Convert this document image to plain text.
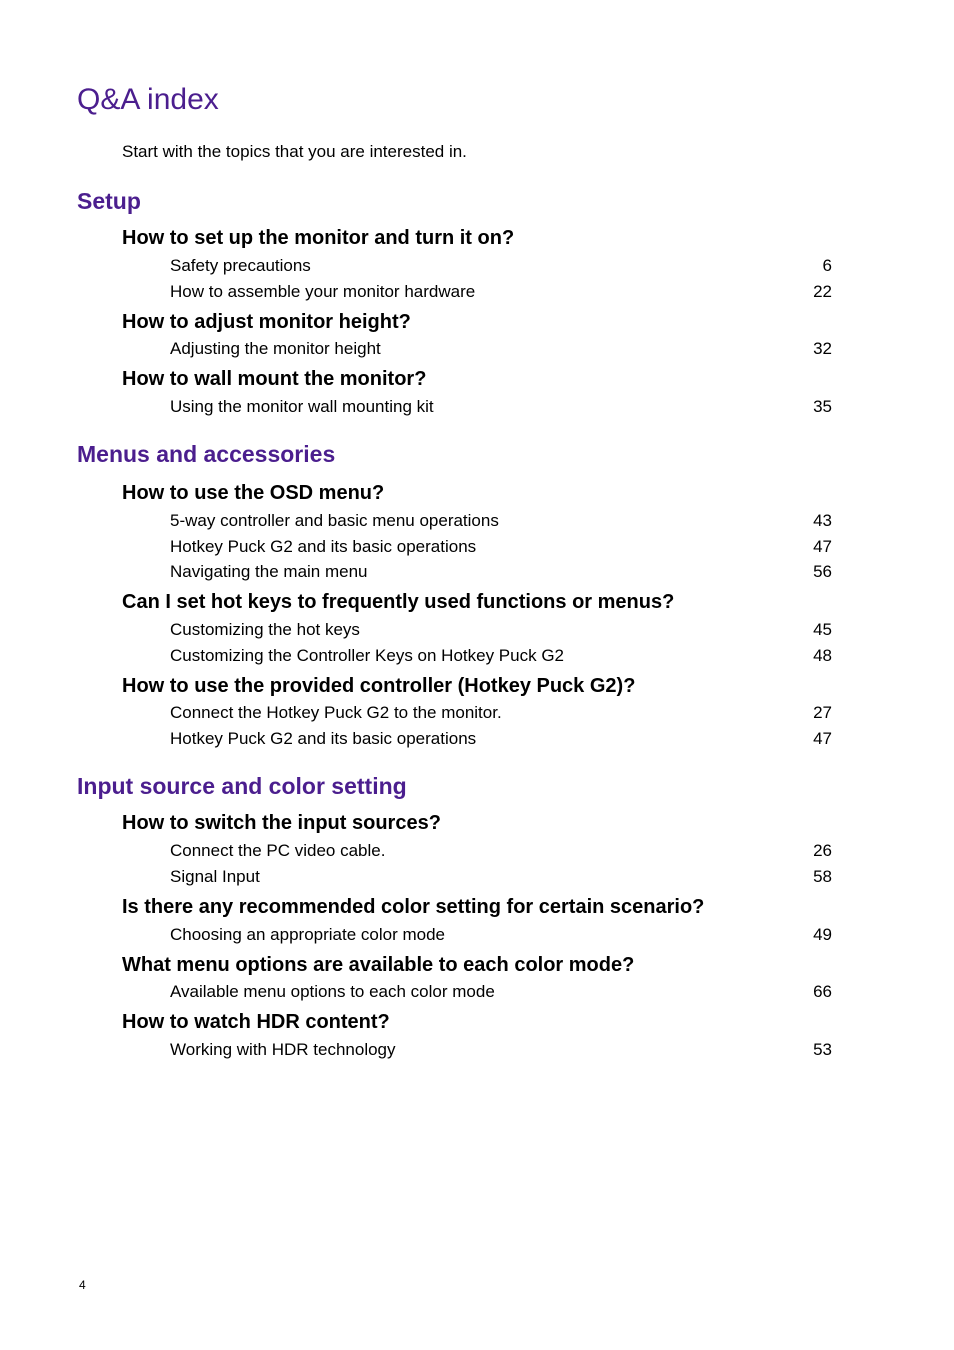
Q&A index
Start with the topics that you are interested in.
Setup
How to set up the monitor and turn it on?
Safety precautions	6
How to assemble your monitor hardware	22
How to adjust monitor height?
Adjusting the monitor height	32
How to wall mount the monitor?
Using the monitor wall mounting kit	35
Menus and accessories
How to use the OSD menu?
5-way controller and basic menu operations	43
Hotkey Puck G2 and its basic operations	47
Navigating the main menu	56
Can I set hot keys to frequently used functions or menus?
Customizing the hot keys	45
Customizing the Controller Keys on Hotkey Puck G2	48
How to use the provided controller (Hotkey Puck G2)?
Connect the Hotkey Puck G2 to the monitor.	27
Hotkey Puck G2 and its basic operations	47
Input source and color setting
How to switch the input sources?
Connect the PC video cable.	26
Signal Input	58
Is there any recommended color setting for certain scenario?
Choosing an appropriate color mode	49
What menu options are available to each color mode?
Available menu options to each color mode	66
How to watch HDR content?
Working with HDR technology	53
4
